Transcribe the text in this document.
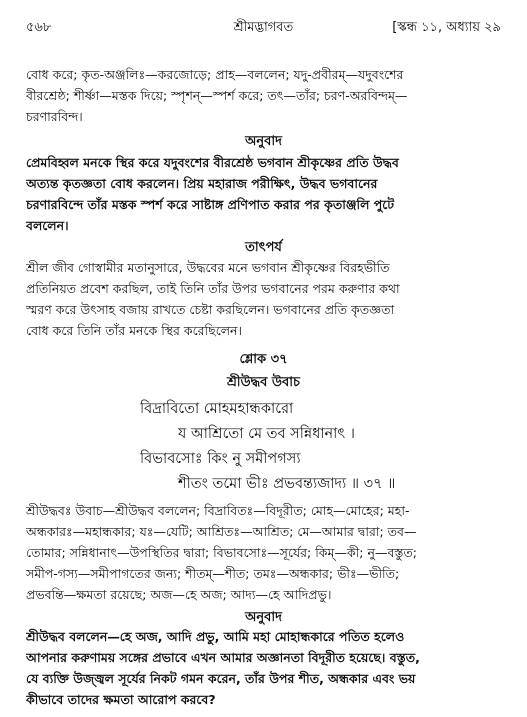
৫৬৮	শ্রীমদ্ভাগবত	[স্কন্ধ ১১, অধ্যায় ২৯
বোধ করে; কৃত-অঞ্জলিঃ—করজোড়ে; প্রাহ—বললেন; যদু-প্রবীরম্—যদুবংশের
বীরশ্রেষ্ঠ; শীর্ষ্ণা—মস্তক দিয়ে; স্পৃশন্—স্পর্শ করে; তৎ—তাঁর; চরণ-অরবিন্দম্—
চরণারবিন্দ।
অনুবাদ
প্রেমবিহ্বল মনকে স্থির করে যদুবংশের বীরশ্রেষ্ঠ ভগবান শ্রীকৃষ্ণের প্রতি উদ্ধব
অত্যন্ত কৃতজ্ঞতা বোধ করলেন। প্রিয় মহারাজ পরীক্ষিৎ, উদ্ধব ভগবানের
চরণারবিন্দে তাঁর মস্তক স্পর্শ করে সাষ্টাঙ্গ প্রণিপাত করার পর কৃতাঞ্জলি পুটে
বললেন।
তাৎপর্য
শ্রীল জীব গোস্বামীর মতানুসারে, উদ্ধবের মনে ভগবান শ্রীকৃষ্ণের বিরহভীতি
প্রতিনিয়ত প্রবেশ করছিল, তাই তিনি তাঁর উপর ভগবানের পরম করুণার কথা
স্মরণ করে উৎসাহ বজায় রাখতে চেষ্টা করছিলেন। ভগবানের প্রতি কৃতজ্ঞতা
বোধ করে তিনি তাঁর মনকে স্থির করেছিলেন।
শ্লোক ৩৭
শ্রীউদ্ধব উবাচ
বিদ্রাবিতো মোহমহান্ধকারো
য আশ্রিতো মে তব সন্নিধানাৎ ।
বিভাবসোঃ কিং নু সমীপগস্য
শীতং তমো ভীঃ প্রভবন্ত্যজাদ্য ॥ ৩৭ ॥
শ্রীউদ্ধবঃ উবাচ—শ্রীউদ্ধব বললেন; বিদ্রাবিতঃ—বিদূরীত; মোহ—মোহের; মহা-
অন্ধকারঃ—মহান্ধকার; যঃ—যেটি; আশ্রিতঃ—আশ্রিত; মে—আমার দ্বারা; তব—
তোমার; সন্নিধানাৎ—উপস্থিতির দ্বারা; বিভাবসোঃ—সূর্যের; কিম্—কী; নু—বস্তুত;
সমীপ-গস্য—সমীপাগতের জন্য; শীতম্—শীত; তমঃ—অন্ধকার; ভীঃ—ভীতি;
প্রভবন্তি—ক্ষমতা রয়েছে; অজ—হে অজ; আদ্য—হে আদিপ্রভু।
অনুবাদ
শ্রীউদ্ধব বললেন—হে অজ, আদি প্রভু, আমি মহা মোহান্ধকারে পতিত হলেও
আপনার করুণাময় সঙ্গের প্রভাবে এখন আমার অজ্ঞানতা বিদূরীত হয়েছে। বস্তুত,
যে ব্যক্তি উজ্জ্বল সূর্যের নিকট গমন করেন, তাঁর উপর শীত, অন্ধকার এবং ভয়
কীভাবে তাদের ক্ষমতা আরোপ করবে?
